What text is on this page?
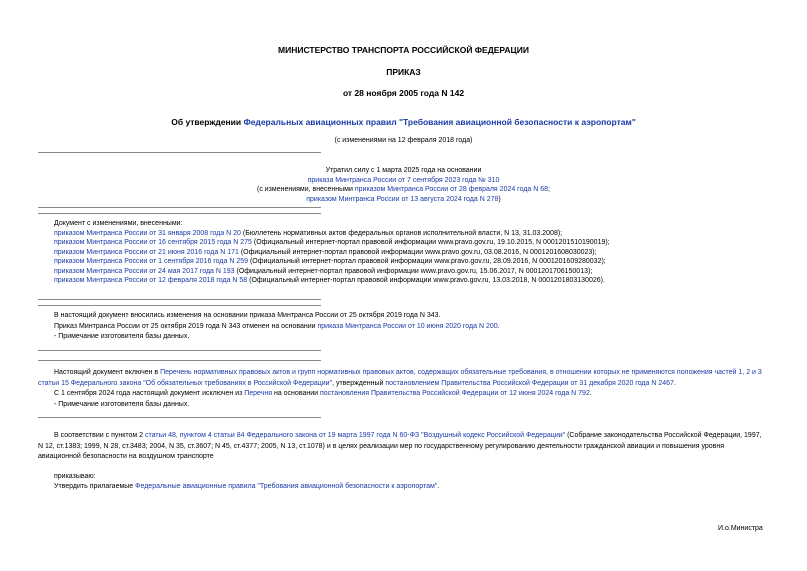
МИНИСТЕРСТВО ТРАНСПОРТА РОССИЙСКОЙ ФЕДЕРАЦИИ
ПРИКАЗ
от 28 ноября 2005 года N 142
Об утверждении Федеральных авиационных правил "Требования авиационной безопасности к аэропортам"
(с изменениями на 12 февраля 2018 года)
Утратил силу с 1 марта 2025 года на основании
приказа Минтранса России от 7 сентября 2023 года № 310
(с изменениями, внесенными приказом Минтранса России от 28 февраля 2024 года N 68;
приказом Минтранса России от 13 августа 2024 года N 278)
Документ с изменениями, внесенными:
приказом Минтранса России от 31 января 2008 года N 20 (Бюллетень нормативных актов федеральных органов исполнительной власти, N 13, 31.03.2008);
приказом Минтранса России от 16 сентября 2015 года N 275 (Официальный интернет-портал правовой информации www.pravo.gov.ru, 19.10.2015, N 0001201510190019);
приказом Минтранса России от 21 июня 2016 года N 171 (Официальный интернет-портал правовой информации www.pravo.gov.ru, 03.08.2016, N 0001201608030023);
приказом Минтранса России от 1 сентября 2016 года N 259 (Официальный интернет-портал правовой информации www.pravo.gov.ru, 28.09.2016, N 0001201609280032);
приказом Минтранса России от 24 мая 2017 года N 193 (Официальный интернет-портал правовой информации www.pravo.gov.ru, 15.06.2017, N 0001201706150013);
приказом Минтранса России от 12 февраля 2018 года N 58 (Официальный интернет-портал правовой информации www.pravo.gov.ru, 13.03.2018, N 0001201803130026).
В настоящий документ вносились изменения на основании приказа Минтранса России от 25 октября 2019 года N 343.
Приказ Минтранса России от 25 октября 2019 года N 343 отменен на основании приказа Минтранса России от 10 июня 2020 года N 200.
- Примечание изготовителя базы данных.
Настоящий документ включен в Перечень нормативных правовых актов и групп нормативных правовых актов, содержащих обязательные требования, в отношении которых не применяются положения частей 1, 2 и 3 статьи 15 Федерального закона "Об обязательных требованиях в Российской Федерации", утвержденный постановлением Правительства Российской Федерации от 31 декабря 2020 года N 2467.
С 1 сентября 2024 года настоящий документ исключен из Перечня на основании постановления Правительства Российской Федерации от 12 июня 2024 года N 792.
- Примечание изготовителя базы данных.
В соответствии с пунктом 2 статьи 48, пунктом 4 статьи 84 Федерального закона от 19 марта 1997 года N 60-ФЗ "Воздушный кодекс Российской Федерации" (Собрание законодательства Российской Федерации, 1997, N 12, ст.1383; 1999, N 28, ст.3483; 2004, N 35, ст.3607; N 45, ст.4377; 2005, N 13, ст.1078) и в целях реализации мер по государственному регулированию деятельности гражданской авиации и повышения уровня авиационной безопасности на воздушном транспорте
приказываю:
Утвердить прилагаемые Федеральные авиационные правила "Требования авиационной безопасности к аэропортам".
И.о.Министра
